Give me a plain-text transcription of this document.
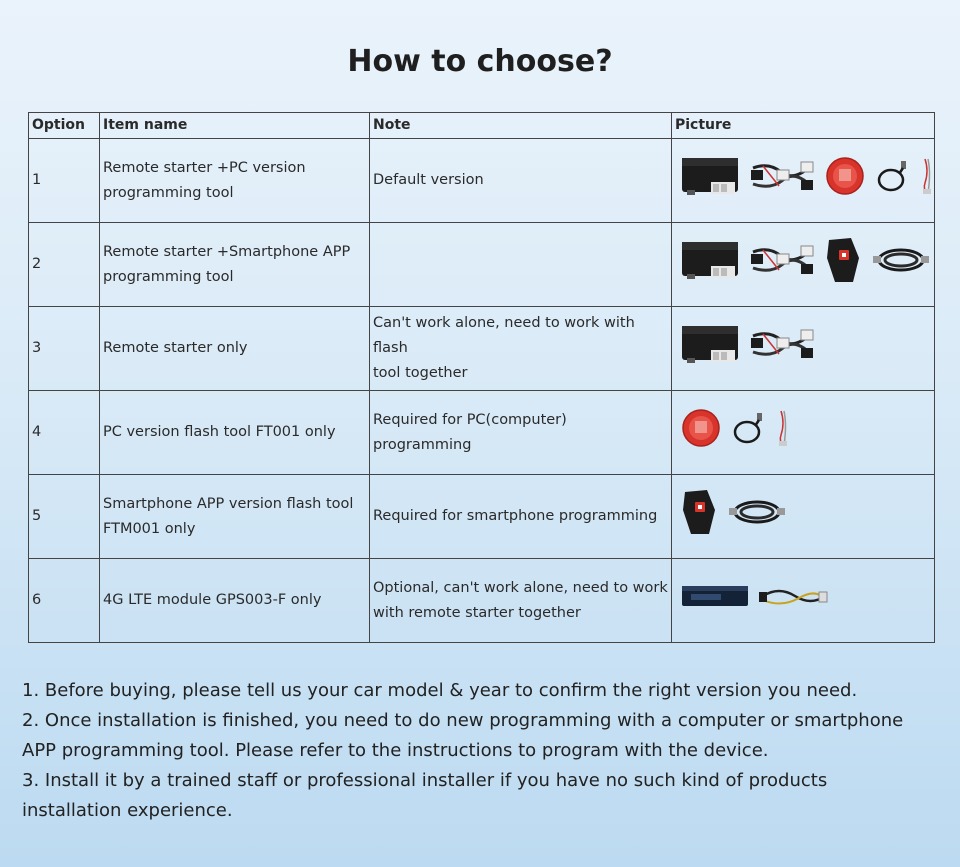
How to choose?
Option	Item name	Note	Picture
1	Remote starter +PC version
programming tool	Default version

2	Remote starter +Smartphone APP
programming tool

3	Remote starter only	Can't work alone, need to work with flash
tool together

4	PC version flash tool FT001 only	Required for PC(computer) programming

5	Smartphone APP version flash tool
FTM001 only	Required for smartphone programming

6	4G LTE module GPS003-F only	Optional, can't work alone, need to work
with remote starter together

1. Before buying, please tell us your car model & year to confirm the right version you need.

2. Once installation is finished, you need to do new programming with a computer or smartphone APP programming tool. Please refer to the instructions to program with the device.

3. Install it by a trained staff or professional installer if you have no such kind of products installation experience.
